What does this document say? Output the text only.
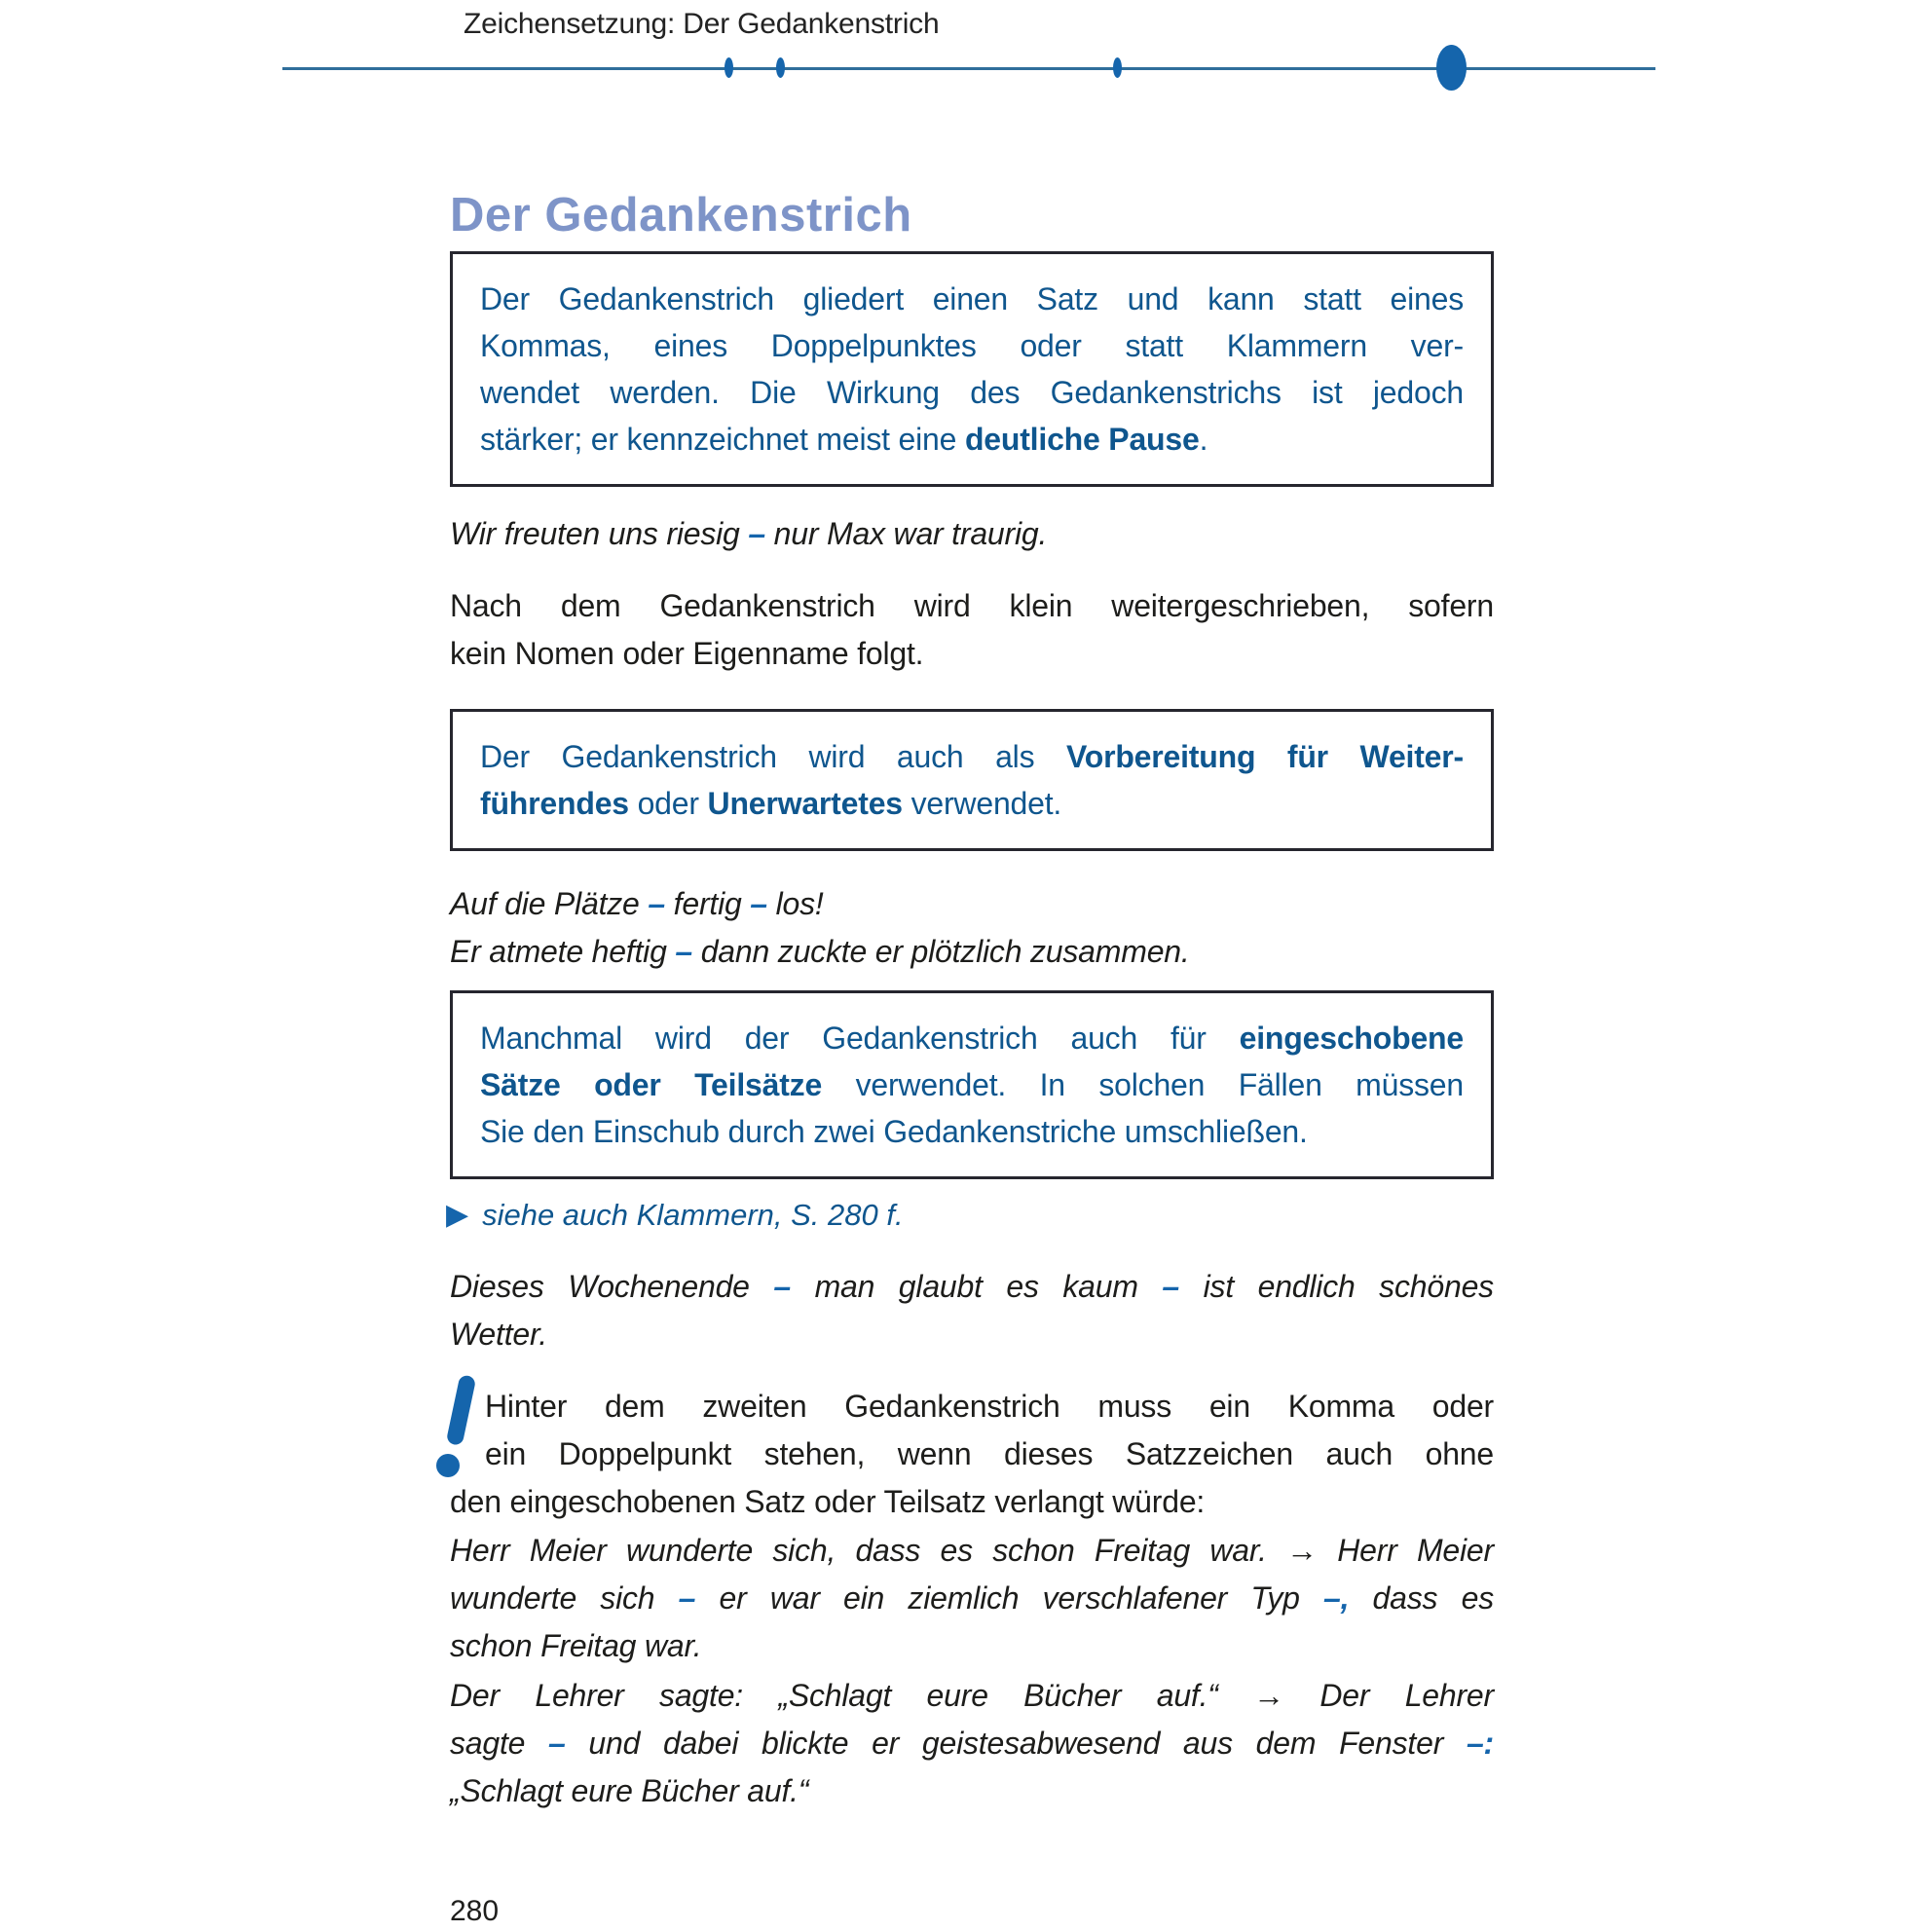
Zeichensetzung: Der Gedankenstrich
Der Gedankenstrich
Der Gedankenstrich gliedert einen Satz und kann statt eines
Kommas, eines Doppelpunktes oder statt Klammern ver-
wendet werden. Die Wirkung des Gedankenstrichs ist jedoch
stärker; er kennzeichnet meist eine deutliche Pause.
Wir freuten uns riesig – nur Max war traurig.
Nach dem Gedankenstrich wird klein weitergeschrieben, sofern
kein Nomen oder Eigenname folgt.
Der Gedankenstrich wird auch als Vorbereitung für Weiter-
führendes oder Unerwartetes verwendet.
Auf die Plätze – fertig – los!
Er atmete heftig – dann zuckte er plötzlich zusammen.
Manchmal wird der Gedankenstrich auch für eingeschobene
Sätze oder Teilsätze verwendet. In solchen Fällen müssen
Sie den Einschub durch zwei Gedankenstriche umschließen.
▶ siehe auch Klammern, S. 280 f.
Dieses Wochenende – man glaubt es kaum – ist endlich schönes
Wetter.
Hinter dem zweiten Gedankenstrich muss ein Komma oder
ein Doppelpunkt stehen, wenn dieses Satzzeichen auch ohne
den eingeschobenen Satz oder Teilsatz verlangt würde:
Herr Meier wunderte sich, dass es schon Freitag war. → Herr Meier
wunderte sich – er war ein ziemlich verschlafener Typ –, dass es
schon Freitag war.
Der Lehrer sagte: „Schlagt eure Bücher auf.“ → Der Lehrer
sagte – und dabei blickte er geistesabwesend aus dem Fenster –:
„Schlagt eure Bücher auf.“
280
